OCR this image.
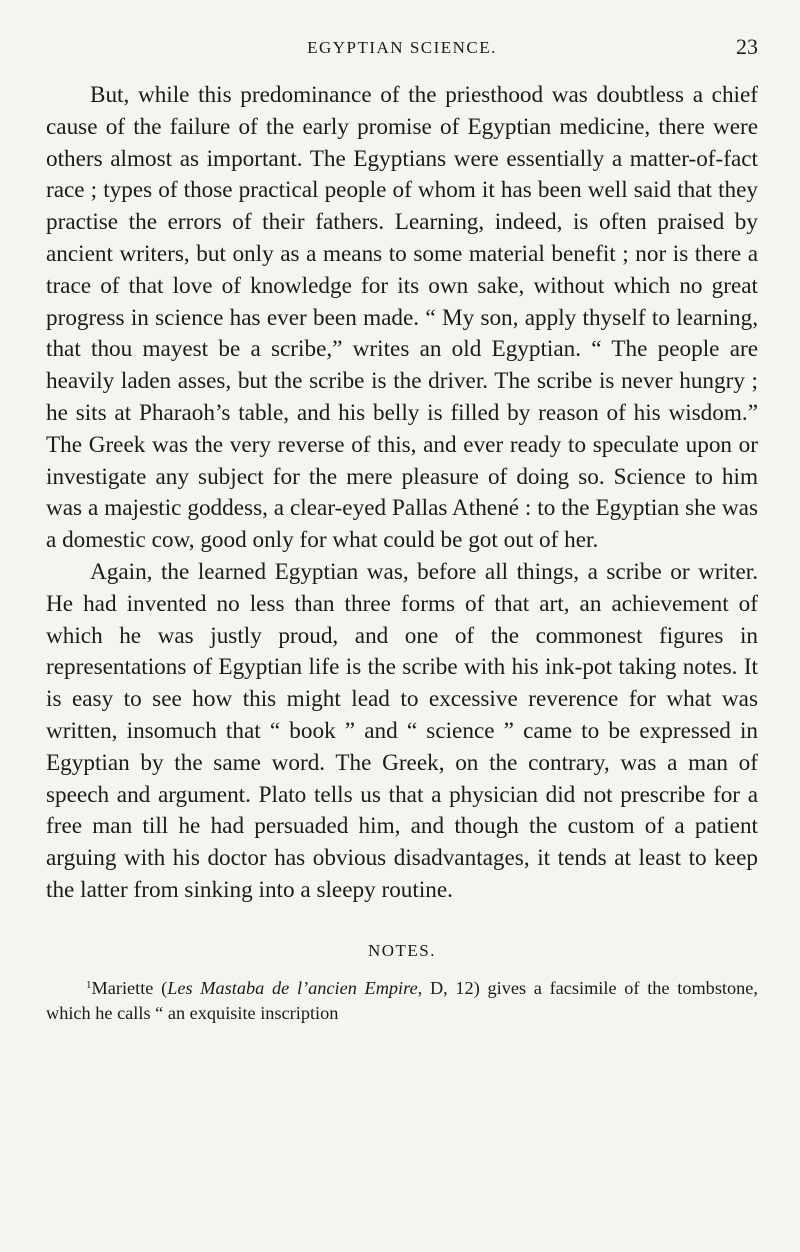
EGYPTIAN SCIENCE.	23

But, while this predominance of the priesthood was doubtless a chief cause of the failure of the early promise of Egyptian medicine, there were others almost as important. The Egyptians were essentially a matter-of-fact race ; types of those practical people of whom it has been well said that they practise the errors of their fathers. Learning, indeed, is often praised by ancient writers, but only as a means to some material benefit ; nor is there a trace of that love of knowledge for its own sake, without which no great progress in science has ever been made. “ My son, apply thyself to learning, that thou mayest be a scribe,” writes an old Egyptian. “ The people are heavily laden asses, but the scribe is the driver. The scribe is never hungry ; he sits at Pharaoh’s table, and his belly is filled by reason of his wisdom.” The Greek was the very reverse of this, and ever ready to speculate upon or investigate any subject for the mere pleasure of doing so. Science to him was a majestic goddess, a clear-eyed Pallas Athené : to the Egyptian she was a domestic cow, good only for what could be got out of her.

Again, the learned Egyptian was, before all things, a scribe or writer. He had invented no less than three forms of that art, an achievement of which he was justly proud, and one of the commonest figures in representations of Egyptian life is the scribe with his ink-pot taking notes. It is easy to see how this might lead to excessive reverence for what was written, insomuch that “ book ” and “ science ” came to be expressed in Egyptian by the same word. The Greek, on the contrary, was a man of speech and argument. Plato tells us that a physician did not prescribe for a free man till he had persuaded him, and though the custom of a patient arguing with his doctor has obvious disadvantages, it tends at least to keep the latter from sinking into a sleepy routine.

NOTES.
$^1$Mariette (Les Mastaba de l’ancien Empire, D, 12) gives a facsimile of the tombstone, which he calls “ an exquisite inscription
